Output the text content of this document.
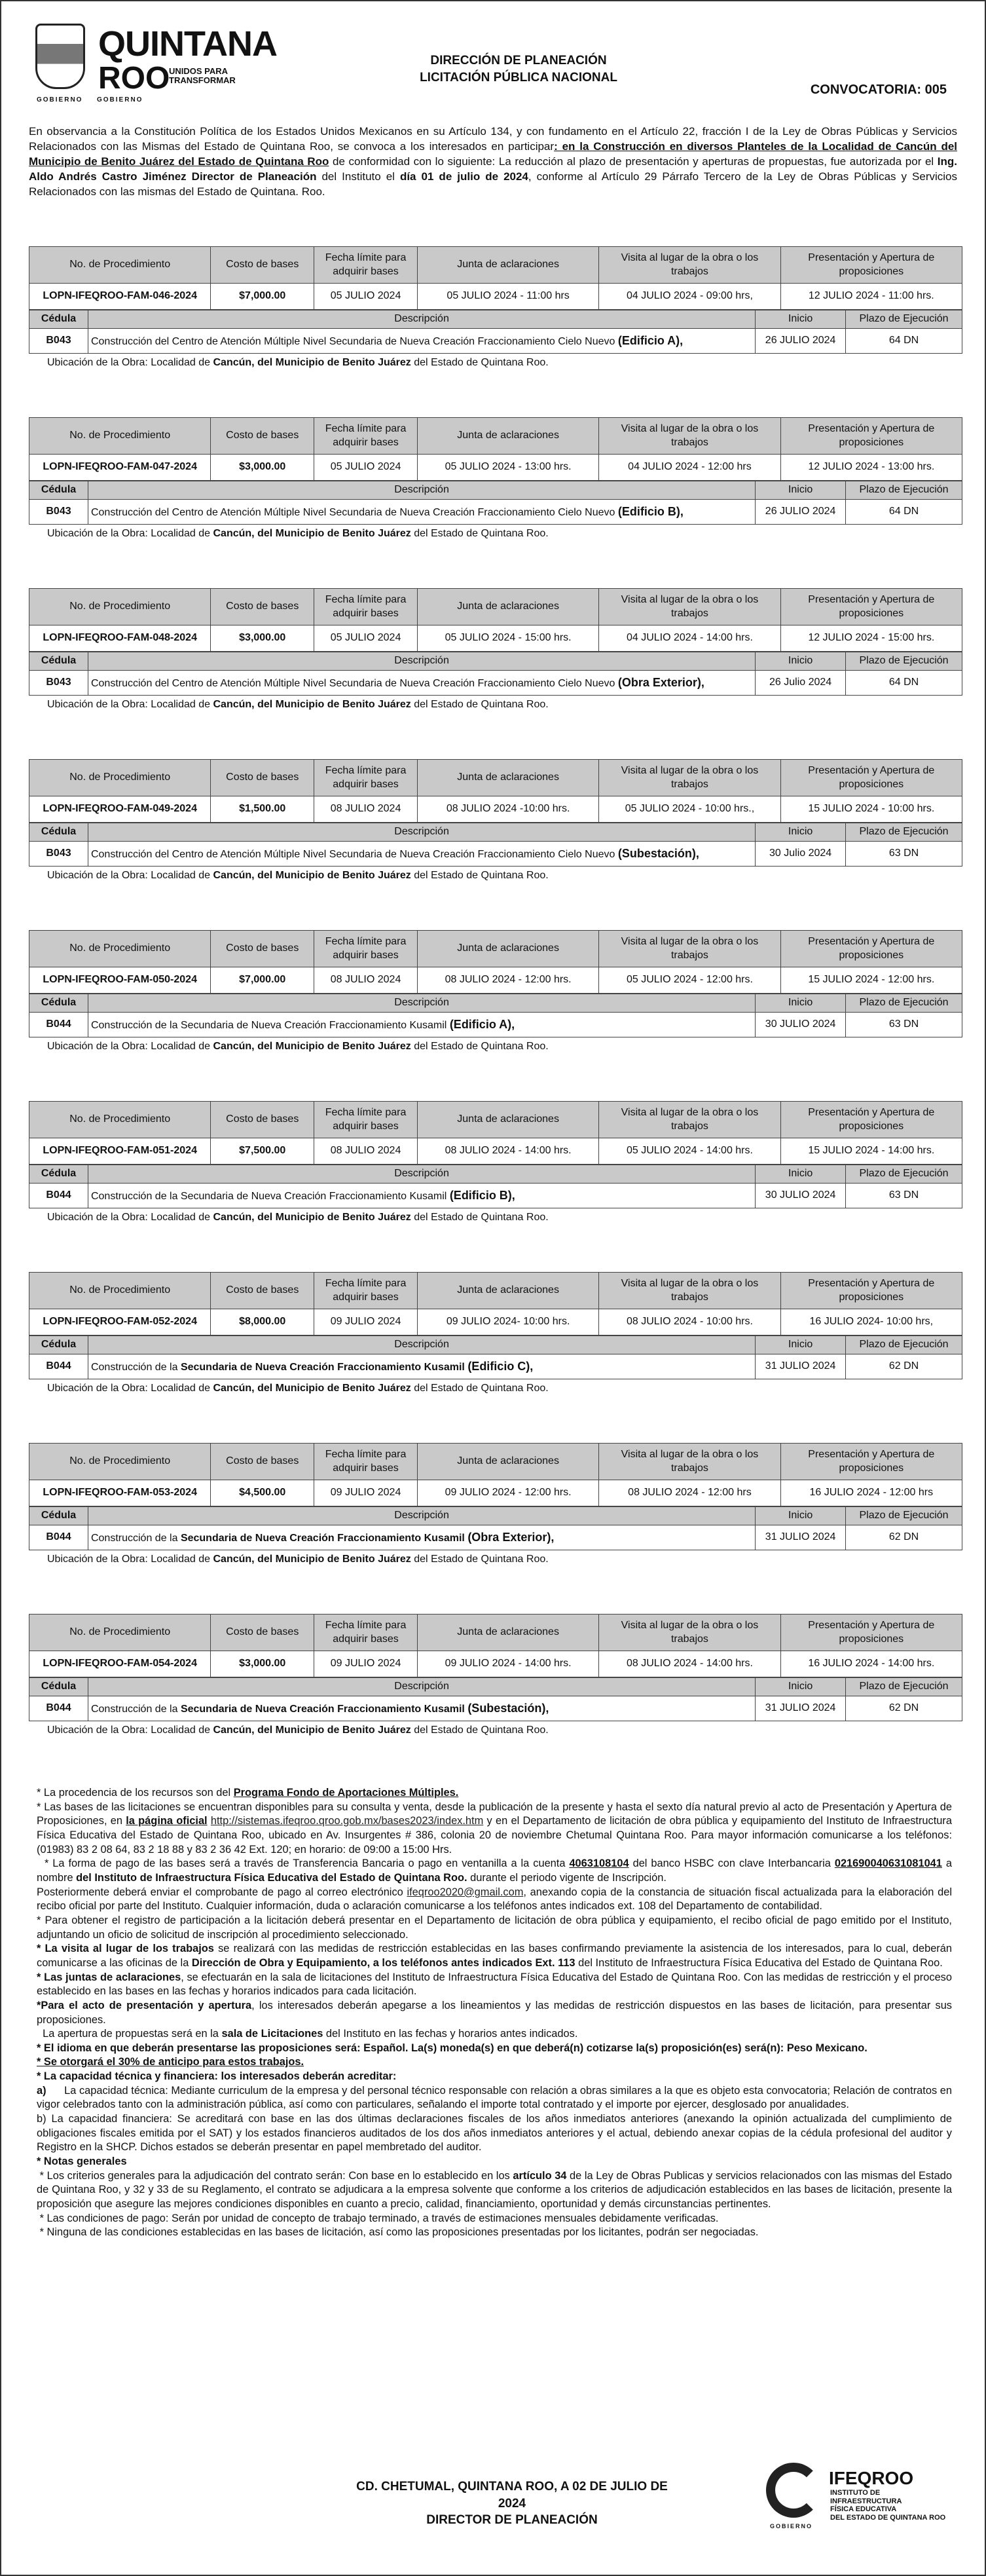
GOBIERNO
QUINTANA
ROO
UNIDOS PARA
TRANSFORMAR
GOBIERNO
DIRECCIÓN DE PLANEACIÓN
LICITACIÓN PÚBLICA NACIONAL
CONVOCATORIA: 005
En observancia a la Constitución Política de los Estados Unidos Mexicanos en su Artículo 134, y con fundamento en el Artículo 22, fracción I de la Ley de Obras Públicas y Servicios Relacionados con las Mismas del Estado de Quintana Roo, se convoca a los interesados en participar: en la Construcción en diversos Planteles de la Localidad de Cancún del Municipio de Benito Juárez del Estado de Quintana Roo de conformidad con lo siguiente: La reducción al plazo de presentación y aperturas de propuestas, fue autorizada por el Ing. Aldo Andrés Castro Jiménez Director de Planeación del Instituto el día 01 de julio de 2024, conforme al Artículo 29 Párrafo Tercero de la Ley de Obras Públicas y Servicios Relacionados con las mismas del Estado de Quintana. Roo.
No. de Procedimiento	Costo de bases	Fecha límite para adquirir bases	Junta de aclaraciones	Visita al lugar de la obra o los trabajos	Presentación y Apertura de proposiciones
LOPN-IFEQROO-FAM-046-2024	$7,000.00	05 JULIO 2024	05 JULIO 2024 - 11:00 hrs	04 JULIO 2024 - 09:00 hrs,	12 JULIO 2024 - 11:00 hrs.
Cédula	Descripción	Inicio	Plazo de Ejecución
B043	Construcción del Centro de Atención Múltiple Nivel Secundaria de Nueva Creación Fraccionamiento Cielo Nuevo (Edificio A),	26 JULIO 2024	64 DN
Ubicación de la Obra: Localidad de Cancún, del Municipio de Benito Juárez del Estado de Quintana Roo.
No. de Procedimiento	Costo de bases	Fecha límite para adquirir bases	Junta de aclaraciones	Visita al lugar de la obra o los trabajos	Presentación y Apertura de proposiciones
LOPN-IFEQROO-FAM-047-2024	$3,000.00	05 JULIO 2024	05 JULIO 2024 - 13:00 hrs.	04 JULIO 2024 - 12:00 hrs	12 JULIO 2024 - 13:00 hrs.
Cédula	Descripción	Inicio	Plazo de Ejecución
B043	Construcción del Centro de Atención Múltiple Nivel Secundaria de Nueva Creación Fraccionamiento Cielo Nuevo (Edificio B),	26 JULIO 2024	64 DN
Ubicación de la Obra: Localidad de Cancún, del Municipio de Benito Juárez del Estado de Quintana Roo.
No. de Procedimiento	Costo de bases	Fecha límite para adquirir bases	Junta de aclaraciones	Visita al lugar de la obra o los trabajos	Presentación y Apertura de proposiciones
LOPN-IFEQROO-FAM-048-2024	$3,000.00	05 JULIO 2024	05 JULIO 2024 - 15:00 hrs.	04 JULIO 2024 - 14:00 hrs.	12 JULIO 2024 - 15:00 hrs.
Cédula	Descripción	Inicio	Plazo de Ejecución
B043	Construcción del Centro de Atención Múltiple Nivel Secundaria de Nueva Creación Fraccionamiento Cielo Nuevo (Obra Exterior),	26 Julio 2024	64 DN
Ubicación de la Obra: Localidad de Cancún, del Municipio de Benito Juárez del Estado de Quintana Roo.
No. de Procedimiento	Costo de bases	Fecha límite para adquirir bases	Junta de aclaraciones	Visita al lugar de la obra o los trabajos	Presentación y Apertura de proposiciones
LOPN-IFEQROO-FAM-049-2024	$1,500.00	08 JULIO 2024	08 JULIO 2024 -10:00 hrs.	05 JULIO 2024 - 10:00 hrs.,	15 JULIO 2024 - 10:00 hrs.
Cédula	Descripción	Inicio	Plazo de Ejecución
B043	Construcción del Centro de Atención Múltiple Nivel Secundaria de Nueva Creación Fraccionamiento Cielo Nuevo (Subestación),	30 Julio 2024	63 DN
Ubicación de la Obra: Localidad de Cancún, del Municipio de Benito Juárez del Estado de Quintana Roo.
No. de Procedimiento	Costo de bases	Fecha límite para adquirir bases	Junta de aclaraciones	Visita al lugar de la obra o los trabajos	Presentación y Apertura de proposiciones
LOPN-IFEQROO-FAM-050-2024	$7,000.00	08 JULIO 2024	08 JULIO 2024 - 12:00 hrs.	05 JULIO 2024 - 12:00 hrs.	15 JULIO 2024 - 12:00 hrs.
Cédula	Descripción	Inicio	Plazo de Ejecución
B044	Construcción de la Secundaria de Nueva Creación Fraccionamiento Kusamil (Edificio A),	30 JULIO 2024	63 DN
Ubicación de la Obra: Localidad de Cancún, del Municipio de Benito Juárez del Estado de Quintana Roo.
No. de Procedimiento	Costo de bases	Fecha límite para adquirir bases	Junta de aclaraciones	Visita al lugar de la obra o los trabajos	Presentación y Apertura de proposiciones
LOPN-IFEQROO-FAM-051-2024	$7,500.00	08 JULIO 2024	08 JULIO 2024 - 14:00 hrs.	05 JULIO 2024 - 14:00 hrs.	15 JULIO 2024 - 14:00 hrs.
Cédula	Descripción	Inicio	Plazo de Ejecución
B044	Construcción de la Secundaria de Nueva Creación Fraccionamiento Kusamil (Edificio B),	30 JULIO 2024	63 DN
Ubicación de la Obra: Localidad de Cancún, del Municipio de Benito Juárez del Estado de Quintana Roo.
No. de Procedimiento	Costo de bases	Fecha límite para adquirir bases	Junta de aclaraciones	Visita al lugar de la obra o los trabajos	Presentación y Apertura de proposiciones
LOPN-IFEQROO-FAM-052-2024	$8,000.00	09 JULIO 2024	09 JULIO 2024- 10:00 hrs.	08 JULIO 2024 - 10:00 hrs.	16 JULIO 2024- 10:00 hrs,
Cédula	Descripción	Inicio	Plazo de Ejecución
B044	Construcción de la Secundaria de Nueva Creación Fraccionamiento Kusamil (Edificio C),	31 JULIO 2024	62 DN
Ubicación de la Obra: Localidad de Cancún, del Municipio de Benito Juárez del Estado de Quintana Roo.
No. de Procedimiento	Costo de bases	Fecha límite para adquirir bases	Junta de aclaraciones	Visita al lugar de la obra o los trabajos	Presentación y Apertura de proposiciones
LOPN-IFEQROO-FAM-053-2024	$4,500.00	09 JULIO 2024	09 JULIO 2024 - 12:00 hrs.	08 JULIO 2024 - 12:00 hrs	16 JULIO 2024 - 12:00 hrs
Cédula	Descripción	Inicio	Plazo de Ejecución
B044	Construcción de la Secundaria de Nueva Creación Fraccionamiento Kusamil (Obra Exterior),	31 JULIO 2024	62 DN
Ubicación de la Obra: Localidad de Cancún, del Municipio de Benito Juárez del Estado de Quintana Roo.
No. de Procedimiento	Costo de bases	Fecha límite para adquirir bases	Junta de aclaraciones	Visita al lugar de la obra o los trabajos	Presentación y Apertura de proposiciones
LOPN-IFEQROO-FAM-054-2024	$3,000.00	09 JULIO 2024	09 JULIO 2024 - 14:00 hrs.	08 JULIO 2024 - 14:00 hrs.	16 JULIO 2024 - 14:00 hrs.
Cédula	Descripción	Inicio	Plazo de Ejecución
B044	Construcción de la Secundaria de Nueva Creación Fraccionamiento Kusamil (Subestación),	31 JULIO 2024	62 DN
Ubicación de la Obra: Localidad de Cancún, del Municipio de Benito Juárez del Estado de Quintana Roo.

* La procedencia de los recursos son del Programa Fondo de Aportaciones Múltiples.

* Las bases de las licitaciones se encuentran disponibles para su consulta y venta, desde la publicación de la presente y hasta el sexto día natural previo al acto de Presentación y Apertura de Proposiciones, en la página oficial http://sistemas.ifeqroo.qroo.gob.mx/bases2023/index.htm y en el Departamento de licitación de obra pública y equipamiento del Instituto de Infraestructura Física Educativa del Estado de Quintana Roo, ubicado en Av. Insurgentes # 386, colonia 20 de noviembre Chetumal Quintana Roo. Para mayor información comunicarse a los teléfonos: (01983) 83 2 08 64, 83 2 18 88 y 83 2 36 42 Ext. 120; en horario: de 09:00 a 15:00 Hrs.

* La forma de pago de las bases será a través de Transferencia Bancaria o pago en ventanilla a la cuenta 4063108104 del banco HSBC con clave Interbancaria 021690040631081041 a nombre del Instituto de Infraestructura Física Educativa del Estado de Quintana Roo. durante el periodo vigente de Inscripción.

Posteriormente deberá enviar el comprobante de pago al correo electrónico ifeqroo2020@gmail.com, anexando copia de la constancia de situación fiscal actualizada para la elaboración del recibo oficial por parte del Instituto. Cualquier información, duda o aclaración comunicarse a los teléfonos antes indicados ext. 108 del Departamento de contabilidad.

* Para obtener el registro de participación a la licitación deberá presentar en el Departamento de licitación de obra pública y equipamiento, el recibo oficial de pago emitido por el Instituto, adjuntando un oficio de solicitud de inscripción al procedimiento seleccionado.

* La visita al lugar de los trabajos se realizará con las medidas de restricción establecidas en las bases confirmando previamente la asistencia de los interesados, para lo cual, deberán comunicarse a las oficinas de la Dirección de Obra y Equipamiento, a los teléfonos antes indicados Ext. 113 del Instituto de Infraestructura Física Educativa del Estado de Quintana Roo.

* Las juntas de aclaraciones, se efectuarán en la sala de licitaciones del Instituto de Infraestructura Física Educativa del Estado de Quintana Roo. Con las medidas de restricción y el proceso establecido en las bases en las fechas y horarios indicados para cada licitación.

*Para el acto de presentación y apertura, los interesados deberán apegarse a los lineamientos y las medidas de restricción dispuestos en las bases de licitación, para presentar sus proposiciones.

La apertura de propuestas será en la sala de Licitaciones del Instituto en las fechas y horarios antes indicados.

* El idioma en que deberán presentarse las proposiciones será: Español. La(s) moneda(s) en que deberá(n) cotizarse la(s) proposición(es) será(n): Peso Mexicano.

* Se otorgará el 30% de anticipo para estos trabajos.

* La capacidad técnica y financiera: los interesados deberán acreditar:

a) La capacidad técnica: Mediante curriculum de la empresa y del personal técnico responsable con relación a obras similares a la que es objeto esta convocatoria; Relación de contratos en vigor celebrados tanto con la administración pública, así como con particulares, señalando el importe total contratado y el importe por ejercer, desglosado por anualidades.

b) La capacidad financiera: Se acreditará con base en las dos últimas declaraciones fiscales de los años inmediatos anteriores (anexando la opinión actualizada del cumplimiento de obligaciones fiscales emitida por el SAT) y los estados financieros auditados de los dos años inmediatos anteriores y el actual, debiendo anexar copias de la cédula profesional del auditor y Registro en la SHCP. Dichos estados se deberán presentar en papel membretado del auditor.

* Notas generales

* Los criterios generales para la adjudicación del contrato serán: Con base en lo establecido en los artículo 34 de la Ley de Obras Publicas y servicios relacionados con las mismas del Estado de Quintana Roo, y 32 y 33 de su Reglamento, el contrato se adjudicara a la empresa solvente que conforme a los criterios de adjudicación establecidos en las bases de licitación, presente la proposición que asegure las mejores condiciones disponibles en cuanto a precio, calidad, financiamiento, oportunidad y demás circunstancias pertinentes.

* Las condiciones de pago: Serán por unidad de concepto de trabajo terminado, a través de estimaciones mensuales debidamente verificadas.

* Ninguna de las condiciones establecidas en las bases de licitación, así como las proposiciones presentadas por los licitantes, podrán ser negociadas.

CD. CHETUMAL, QUINTANA ROO, A 02 DE JULIO DE 2024
DIRECTOR DE PLANEACIÓN	GOBIERNO
IFEQROO
INSTITUTO DE
INFRAESTRUCTURA
FÍSICA EDUCATIVA
DEL ESTADO DE QUINTANA ROO
